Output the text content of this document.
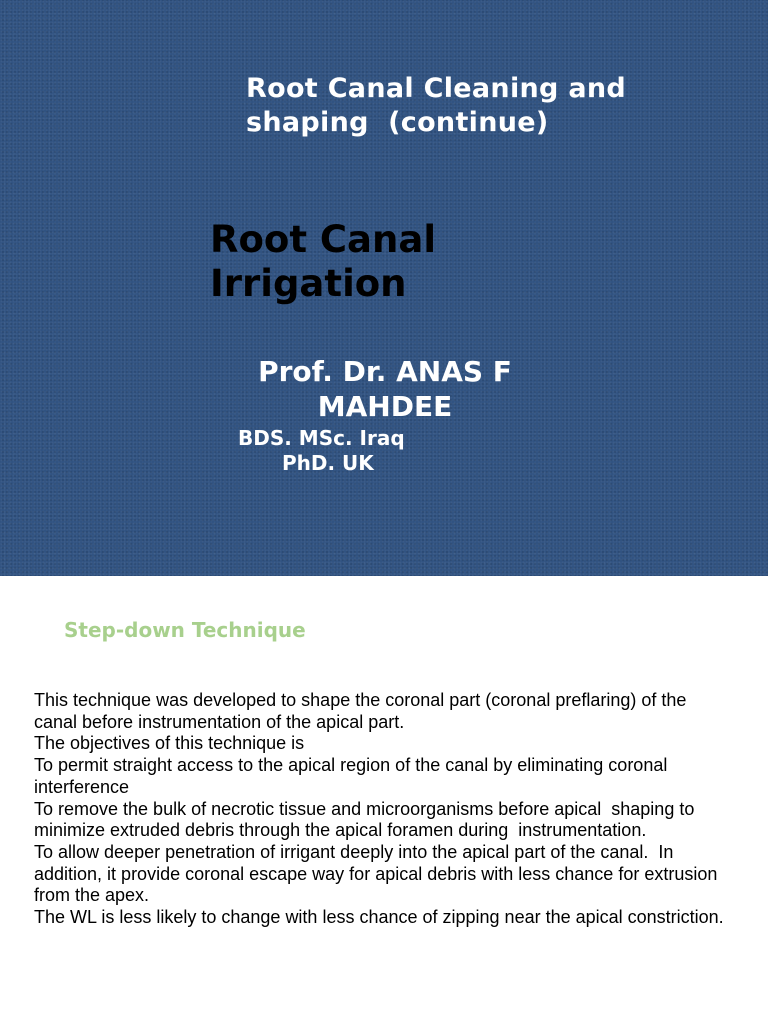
Root Canal Cleaning and shaping  (continue)
Root Canal Irrigation
Prof. Dr. ANAS F MAHDEE
BDS. MSc. Iraq
PhD. UK
Step-down Technique

This technique was developed to shape the coronal part (coronal preflaring) of the canal before instrumentation of the apical part.

The objectives of this technique is

To permit straight access to the apical region of the canal by eliminating coronal interference

To remove the bulk of necrotic tissue and microorganisms before apical  shaping to minimize extruded debris through the apical foramen during  instrumentation.

To allow deeper penetration of irrigant deeply into the apical part of the canal.  In addition, it provide coronal escape way for apical debris with less chance for extrusion from the apex.

The WL is less likely to change with less chance of zipping near the apical constriction.
